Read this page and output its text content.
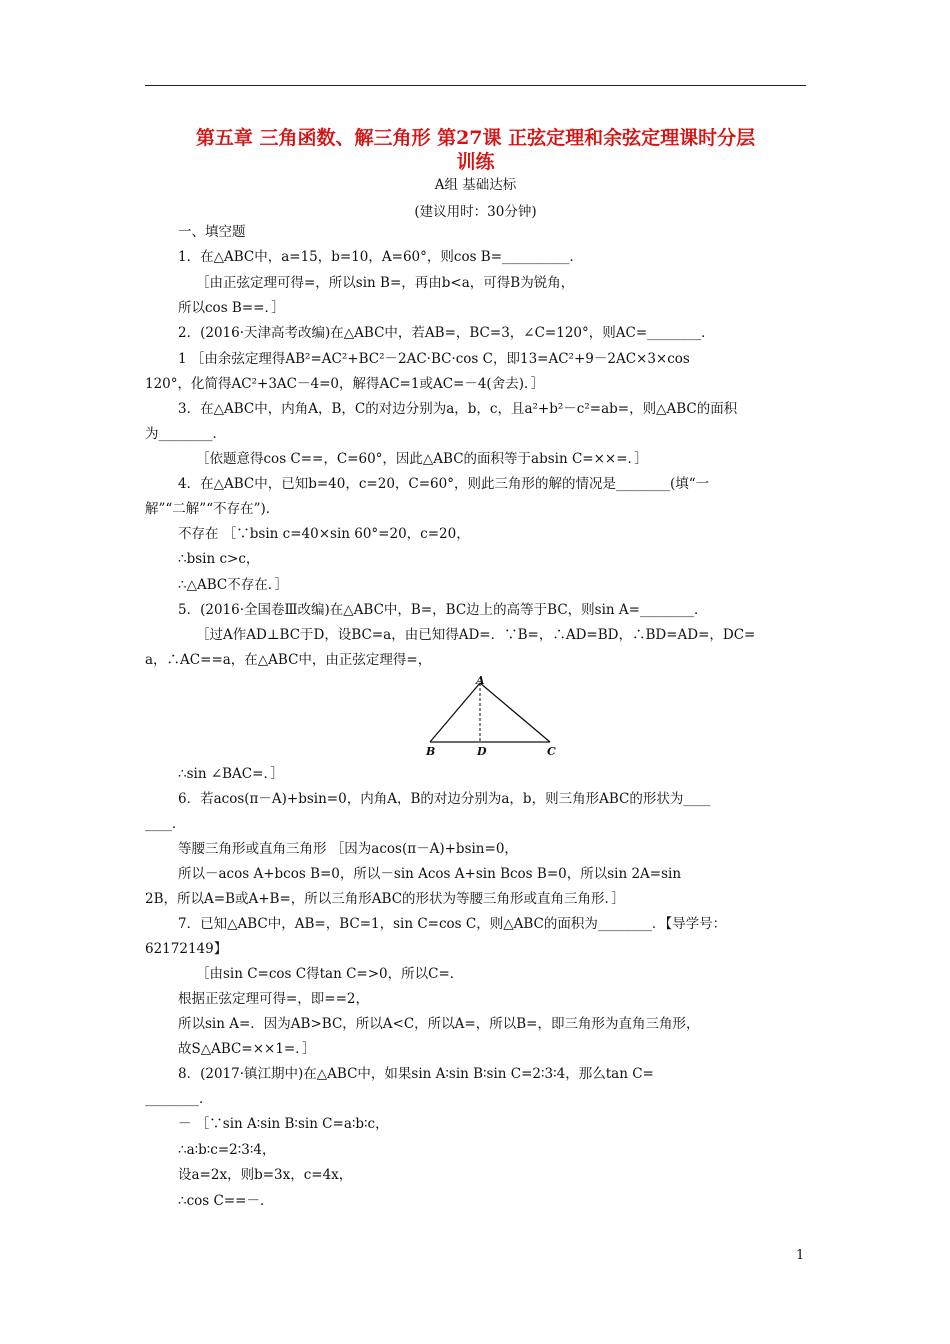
第五章 三角函数、解三角形 第27课 正弦定理和余弦定理课时分层
训练
A组 基础达标
(建议用时：30分钟)
一、填空题
1．在△ABC中，a=15，b=10，A=60°，则cos B=__________．
［由正弦定理可得=，所以sin B=，再由b<a，可得B为锐角，
所以cos B==．］
2．(2016·天津高考改编)在△ABC中，若AB=，BC=3，∠C=120°，则AC=________．
1 ［由余弦定理得AB²=AC²+BC²－2AC·BC·cos C，即13=AC²+9－2AC×3×cos
120°，化简得AC²+3AC－4=0，解得AC=1或AC=－4(舍去)．］
3．在△ABC中，内角A，B，C的对边分别为a，b，c，且a²+b²－c²=ab=，则△ABC的面积
为________．
［依题意得cos C==，C=60°，因此△ABC的面积等于absin C=××=．］
4．在△ABC中，已知b=40，c=20，C=60°，则此三角形的解的情况是________(填“一
解”“二解”“不存在”)．
不存在 ［∵bsin c=40×sin 60°=20，c=20，
∴bsin c>c，
∴△ABC不存在．］
5．(2016·全国卷Ⅲ改编)在△ABC中，B=，BC边上的高等于BC，则sin A=________．
［过A作AD⊥BC于D，设BC=a，由已知得AD=．∵B=，∴AD=BD，∴BD=AD=，DC=
a，∴AC==a，在△ABC中，由正弦定理得=，
A
B	D	C
∴sin ∠BAC=．］
6．若acos(π－A)+bsin=0，内角A，B的对边分别为a，b，则三角形ABC的形状为____
____．
等腰三角形或直角三角形 ［因为acos(π－A)+bsin=0，
所以－acos A+bcos B=0，所以－sin Acos A+sin Bcos B=0，所以sin 2A=sin
2B，所以A=B或A+B=，所以三角形ABC的形状为等腰三角形或直角三角形．］
7．已知△ABC中，AB=，BC=1，sin C=cos C，则△ABC的面积为________．【导学号：
62172149】
［由sin C=cos C得tan C=>0，所以C=．
根据正弦定理可得=，即==2，
所以sin A=．因为AB>BC，所以A<C，所以A=，所以B=，即三角形为直角三角形，
故S△ABC=××1=．］
8．(2017·镇江期中)在△ABC中，如果sin A∶sin B∶sin C=2∶3∶4，那么tan C=
________．
－ ［∵sin A∶sin B∶sin C=a∶b∶c，
∴a∶b∶c=2∶3∶4，
设a=2x，则b=3x，c=4x，
∴cos C==－．
1
